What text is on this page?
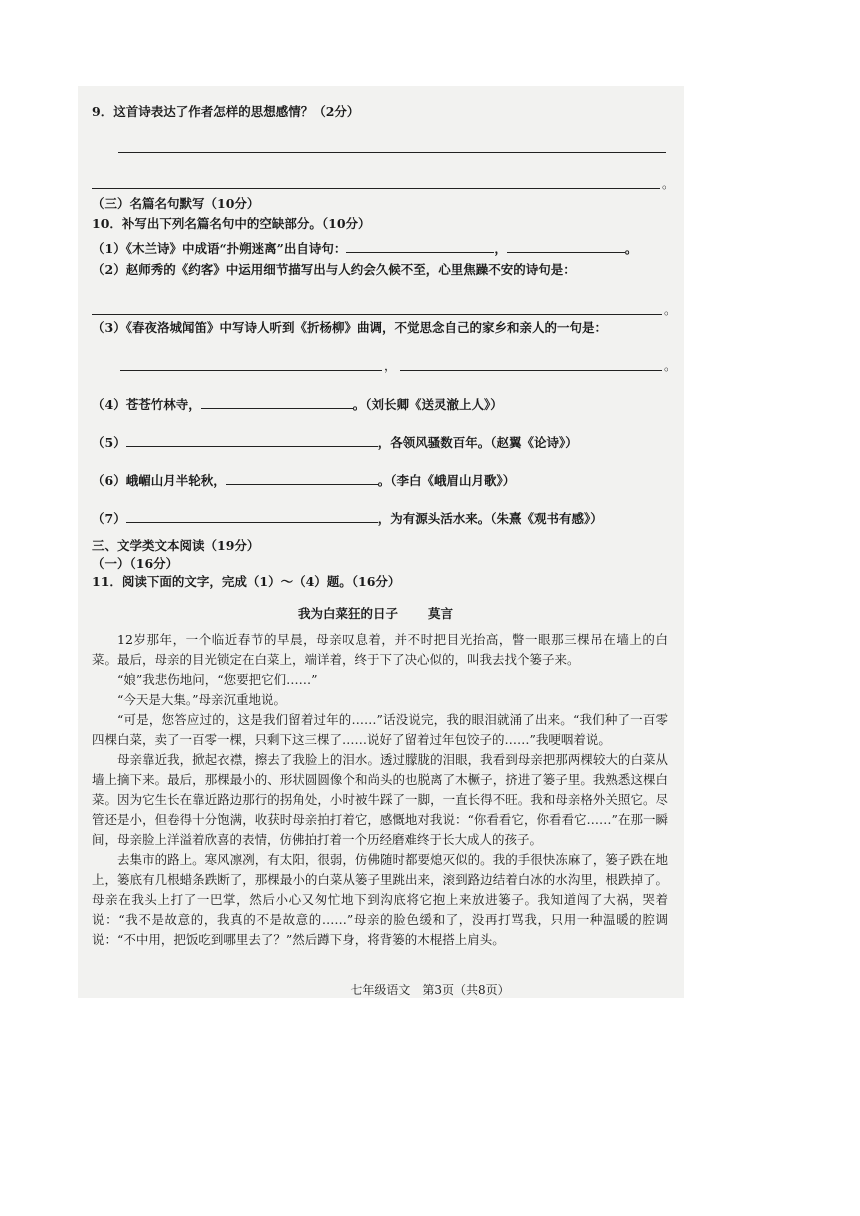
9．这首诗表达了作者怎样的思想感情？（2分）
。
（三）名篇名句默写（10分）
10．补写出下列名篇名句中的空缺部分。（10分）
（1）《木兰诗》中成语“扑朔迷离”出自诗句：	，	。
（2）赵师秀的《约客》中运用细节描写出与人约会久候不至，心里焦躁不安的诗句是：
。
（3）《春夜洛城闻笛》中写诗人听到《折杨柳》曲调，不觉思念自己的家乡和亲人的一句是：
，	。
（4）苍苍竹林寺，	。（刘长卿《送灵澈上人》）
（5）	，各领风骚数百年。（赵翼《论诗》）
（6）峨嵋山月半轮秋，	。（李白《峨眉山月歌》）
（7）	，为有源头活水来。（朱熹《观书有感》）
三、文学类文本阅读（19分）
（一）（16分）
11．阅读下面的文字，完成（1）～（4）题。（16分）
我为白菜狂的日子 莫言

12岁那年，一个临近春节的早晨，母亲叹息着，并不时把目光抬高，瞥一眼那三棵吊在墙上的白菜。最后，母亲的目光锁定在白菜上，端详着，终于下了决心似的，叫我去找个篓子来。

“娘”我悲伤地问，“您要把它们……”

“今天是大集。”母亲沉重地说。

“可是，您答应过的，这是我们留着过年的……”话没说完，我的眼泪就涌了出来。“我们种了一百零四棵白菜，卖了一百零一棵，只剩下这三棵了……说好了留着过年包饺子的……”我哽咽着说。

母亲靠近我，掀起衣襟，擦去了我脸上的泪水。透过朦胧的泪眼，我看到母亲把那两棵较大的白菜从墙上摘下来。最后，那棵最小的、形状圆圆像个和尚头的也脱离了木橛子，挤进了篓子里。我熟悉这棵白菜。因为它生长在靠近路边那行的拐角处，小时被牛踩了一脚，一直长得不旺。我和母亲格外关照它。尽管还是小，但卷得十分饱满，收获时母亲拍打着它，感慨地对我说：“你看看它，你看看它……”在那一瞬间，母亲脸上洋溢着欣喜的表情，仿佛拍打着一个历经磨难终于长大成人的孩子。

去集市的路上。寒风凛冽，有太阳，很弱，仿佛随时都要熄灭似的。我的手很快冻麻了，篓子跌在地上，篓底有几根蜡条跌断了，那棵最小的白菜从篓子里跳出来，滚到路边结着白冰的水沟里，根跌掉了。母亲在我头上打了一巴掌，然后小心又匆忙地下到沟底将它抱上来放进篓子。我知道闯了大祸，哭着说：“我不是故意的，我真的不是故意的……”母亲的脸色缓和了，没再打骂我，只用一种温暖的腔调说：“不中用，把饭吃到哪里去了？”然后蹲下身，将背篓的木棍搭上肩头。

七年级语文　第3页（共8页）
